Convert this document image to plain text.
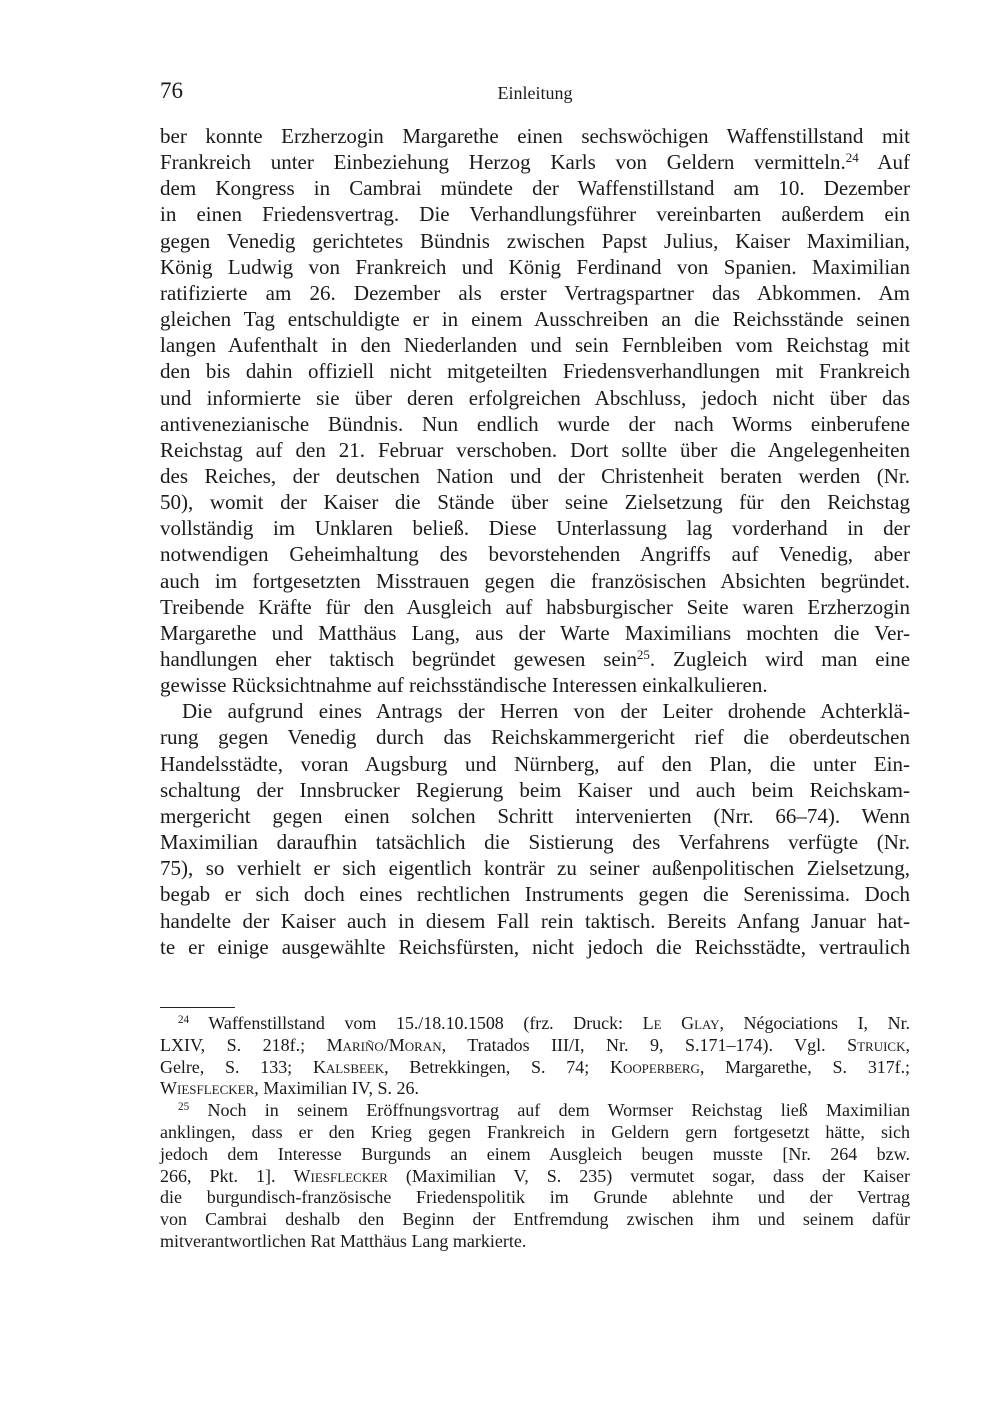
76	Einleitung
ber konnte Erzherzogin Margarethe einen sechswöchigen Waffenstillstand mit
Frankreich unter Einbeziehung Herzog Karls von Geldern vermitteln.$^{24}$ Auf
dem Kongress in Cambrai mündete der Waffenstillstand am 10. Dezember
in einen Friedensvertrag. Die Verhandlungsführer vereinbarten außerdem ein
gegen Venedig gerichtetes Bündnis zwischen Papst Julius, Kaiser Maximilian,
König Ludwig von Frankreich und König Ferdinand von Spanien. Maximilian
ratifizierte am 26. Dezember als erster Vertragspartner das Abkommen. Am
gleichen Tag entschuldigte er in einem Ausschreiben an die Reichsstände seinen
langen Aufenthalt in den Niederlanden und sein Fernbleiben vom Reichstag mit
den bis dahin offiziell nicht mitgeteilten Friedensverhandlungen mit Frankreich
und informierte sie über deren erfolgreichen Abschluss, jedoch nicht über das
antivenezianische Bündnis. Nun endlich wurde der nach Worms einberufene
Reichstag auf den 21. Februar verschoben. Dort sollte über die Angelegenheiten
des Reiches, der deutschen Nation und der Christenheit beraten werden (Nr.
50), womit der Kaiser die Stände über seine Zielsetzung für den Reichstag
vollständig im Unklaren beließ. Diese Unterlassung lag vorderhand in der
notwendigen Geheimhaltung des bevorstehenden Angriffs auf Venedig, aber
auch im fortgesetzten Misstrauen gegen die französischen Absichten begründet.
Treibende Kräfte für den Ausgleich auf habsburgischer Seite waren Erzherzogin
Margarethe und Matthäus Lang, aus der Warte Maximilians mochten die Ver-
handlungen eher taktisch begründet gewesen sein$^{25}$. Zugleich wird man eine
gewisse Rücksichtnahme auf reichsständische Interessen einkalkulieren.
Die aufgrund eines Antrags der Herren von der Leiter drohende Achterklä-
rung gegen Venedig durch das Reichskammergericht rief die oberdeutschen
Handelsstädte, voran Augsburg und Nürnberg, auf den Plan, die unter Ein-
schaltung der Innsbrucker Regierung beim Kaiser und auch beim Reichskam-
mergericht gegen einen solchen Schritt intervenierten (Nrr. 66–74). Wenn
Maximilian daraufhin tatsächlich die Sistierung des Verfahrens verfügte (Nr.
75), so verhielt er sich eigentlich konträr zu seiner außenpolitischen Zielsetzung,
begab er sich doch eines rechtlichen Instruments gegen die Serenissima. Doch
handelte der Kaiser auch in diesem Fall rein taktisch. Bereits Anfang Januar hat-
te er einige ausgewählte Reichsfürsten, nicht jedoch die Reichsstädte, vertraulich
$^{24}$ Waffenstillstand vom 15./18.10.1508 (frz. Druck: Le Glay, Négociations I, Nr.
LXIV, S. 218f.; Mariño/Moran, Tratados III/I, Nr. 9, S.171–174). Vgl. Struick,
Gelre, S. 133; Kalsbeek, Betrekkingen, S. 74; Kooperberg, Margarethe, S. 317f.;
Wiesflecker, Maximilian IV, S. 26.
$^{25}$ Noch in seinem Eröffnungsvortrag auf dem Wormser Reichstag ließ Maximilian
anklingen, dass er den Krieg gegen Frankreich in Geldern gern fortgesetzt hätte, sich
jedoch dem Interesse Burgunds an einem Ausgleich beugen musste [Nr. 264 bzw.
266, Pkt. 1]. Wiesflecker (Maximilian V, S. 235) vermutet sogar, dass der Kaiser
die burgundisch-französische Friedenspolitik im Grunde ablehnte und der Vertrag
von Cambrai deshalb den Beginn der Entfremdung zwischen ihm und seinem dafür
mitverantwortlichen Rat Matthäus Lang markierte.
